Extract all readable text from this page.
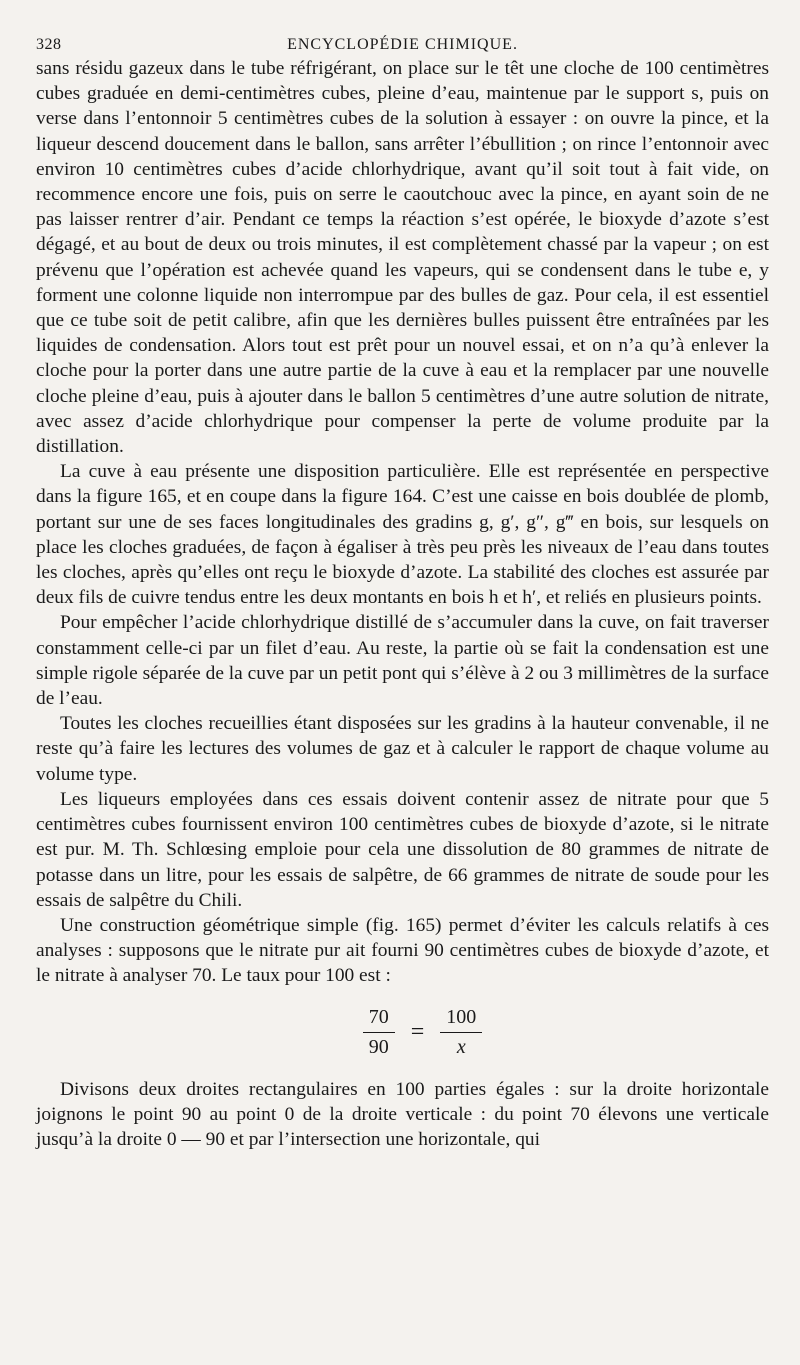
328	ENCYCLOPÉDIE CHIMIQUE.

sans résidu gazeux dans le tube réfrigérant, on place sur le têt une cloche de 100 centimètres cubes graduée en demi-centimètres cubes, pleine d’eau, maintenue par le support s, puis on verse dans l’entonnoir 5 centimètres cubes de la solution à essayer : on ouvre la pince, et la liqueur descend doucement dans le ballon, sans arrêter l’ébullition ; on rince l’entonnoir avec environ 10 centimètres cubes d’acide chlorhydrique, avant qu’il soit tout à fait vide, on recommence encore une fois, puis on serre le caoutchouc avec la pince, en ayant soin de ne pas laisser rentrer d’air. Pendant ce temps la réaction s’est opérée, le bioxyde d’azote s’est dégagé, et au bout de deux ou trois minutes, il est complètement chassé par la vapeur ; on est prévenu que l’opération est achevée quand les vapeurs, qui se condensent dans le tube e, y forment une colonne liquide non interrompue par des bulles de gaz. Pour cela, il est essentiel que ce tube soit de petit calibre, afin que les dernières bulles puissent être entraînées par les liquides de condensation. Alors tout est prêt pour un nouvel essai, et on n’a qu’à enlever la cloche pour la porter dans une autre partie de la cuve à eau et la remplacer par une nouvelle cloche pleine d’eau, puis à ajouter dans le ballon 5 centimètres d’une autre solution de nitrate, avec assez d’acide chlorhydrique pour compenser la perte de volume produite par la distillation.

La cuve à eau présente une disposition particulière. Elle est représentée en perspective dans la figure 165, et en coupe dans la figure 164. C’est une caisse en bois doublée de plomb, portant sur une de ses faces longitudinales des gradins g, g′, g″, g‴ en bois, sur lesquels on place les cloches graduées, de façon à égaliser à très peu près les niveaux de l’eau dans toutes les cloches, après qu’elles ont reçu le bioxyde d’azote. La stabilité des cloches est assurée par deux fils de cuivre tendus entre les deux montants en bois h et h′, et reliés en plusieurs points.

Pour empêcher l’acide chlorhydrique distillé de s’accumuler dans la cuve, on fait traverser constamment celle-ci par un filet d’eau. Au reste, la partie où se fait la condensation est une simple rigole séparée de la cuve par un petit pont qui s’élève à 2 ou 3 millimètres de la surface de l’eau.

Toutes les cloches recueillies étant disposées sur les gradins à la hauteur convenable, il ne reste qu’à faire les lectures des volumes de gaz et à calculer le rapport de chaque volume au volume type.

Les liqueurs employées dans ces essais doivent contenir assez de nitrate pour que 5 centimètres cubes fournissent environ 100 centimètres cubes de bioxyde d’azote, si le nitrate est pur. M. Th. Schlœsing emploie pour cela une dissolution de 80 grammes de nitrate de potasse dans un litre, pour les essais de salpêtre, de 66 grammes de nitrate de soude pour les essais de salpêtre du Chili.

Une construction géométrique simple (fig. 165) permet d’éviter les calculs relatifs à ces analyses : supposons que le nitrate pur ait fourni 90 centimètres cubes de bioxyde d’azote, et le nitrate à analyser 70. Le taux pour 100 est :

$\frac{70}{90} = \frac{100}{x}$

Divisons deux droites rectangulaires en 100 parties égales : sur la droite horizontale joignons le point 90 au point 0 de la droite verticale : du point 70 élevons une verticale jusqu’à la droite 0 — 90 et par l’intersection une horizontale, qui
